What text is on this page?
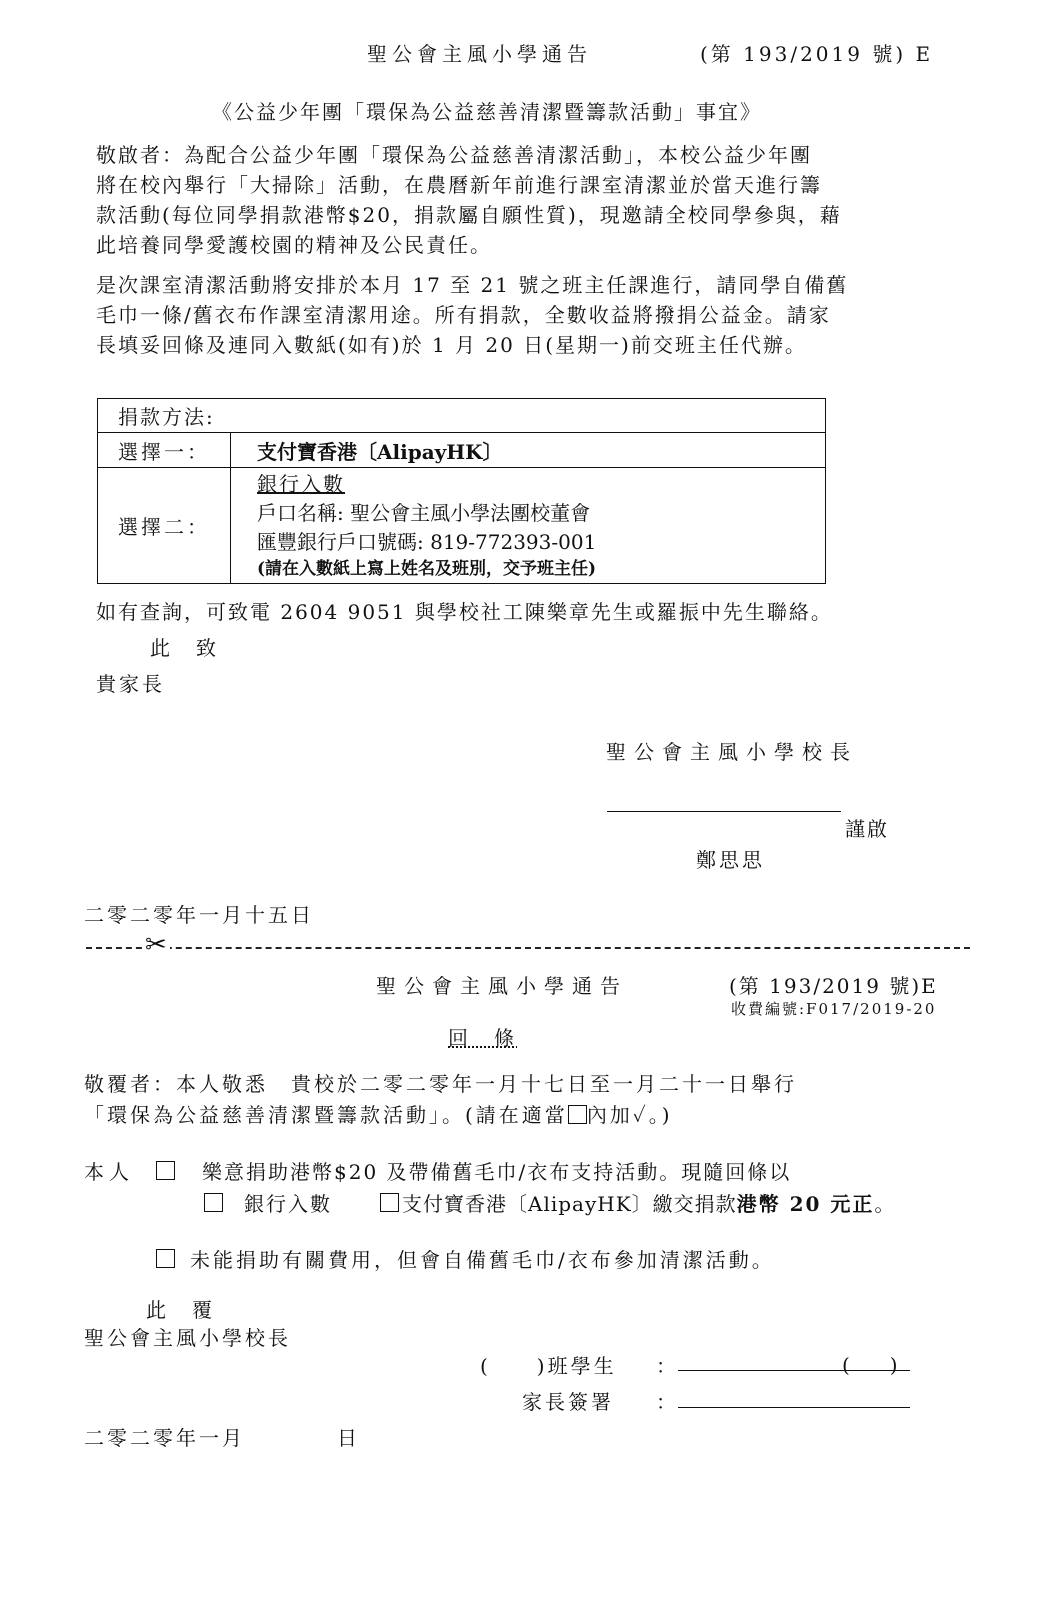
聖公會主風小學通告	(第 193/2019 號) E
《公益少年團「環保為公益慈善清潔暨籌款活動」事宜》
敬啟者：為配合公益少年團「環保為公益慈善清潔活動」，本校公益少年團
將在校內舉行「大掃除」活動，在農曆新年前進行課室清潔並於當天進行籌
款活動(每位同學捐款港幣$20，捐款屬自願性質)，現邀請全校同學參與，藉
此培養同學愛護校園的精神及公民責任。
是次課室清潔活動將安排於本月 17 至 21 號之班主任課進行，請同學自備舊
毛巾一條/舊衣布作課室清潔用途。所有捐款，全數收益將撥捐公益金。請家
長填妥回條及連同入數紙(如有)於 1 月 20 日(星期一)前交班主任代辦。
捐款方法:	
選擇一：	支付寶香港〔AlipayHK〕
選擇二：	銀行入數
戶口名稱: 聖公會主風小學法團校董會
匯豐銀行戶口號碼: 819-772393-001
(請在入數紙上寫上姓名及班別，交予班主任)
如有查詢，可致電 2604 9051 與學校社工陳樂章先生或羅振中先生聯絡。
此　致
貴家長
聖公會主風小學校長
謹啟
鄭思思
二零二零年一月十五日
✂
聖公會主風小學通告	(第 193/2019 號)E
收費編號:F017/2019-20
回　條
敬覆者：本人敬悉　貴校於二零二零年一月十七日至一月二十一日舉行
「環保為公益慈善清潔暨籌款活動」。(請在適當 內加✓。)
本人	樂意捐助港幣$20 及帶備舊毛巾/衣布支持活動。現隨回條以
銀行入數	支付寶香港〔AlipayHK〕繳交捐款港幣 20 元正。
未能捐助有關費用，但會自備舊毛巾/衣布參加清潔活動。
此　覆
聖公會主風小學校長
(　　)班學生 ：	(　　)
家長簽署 ：
二零二零年一月　　　　日
